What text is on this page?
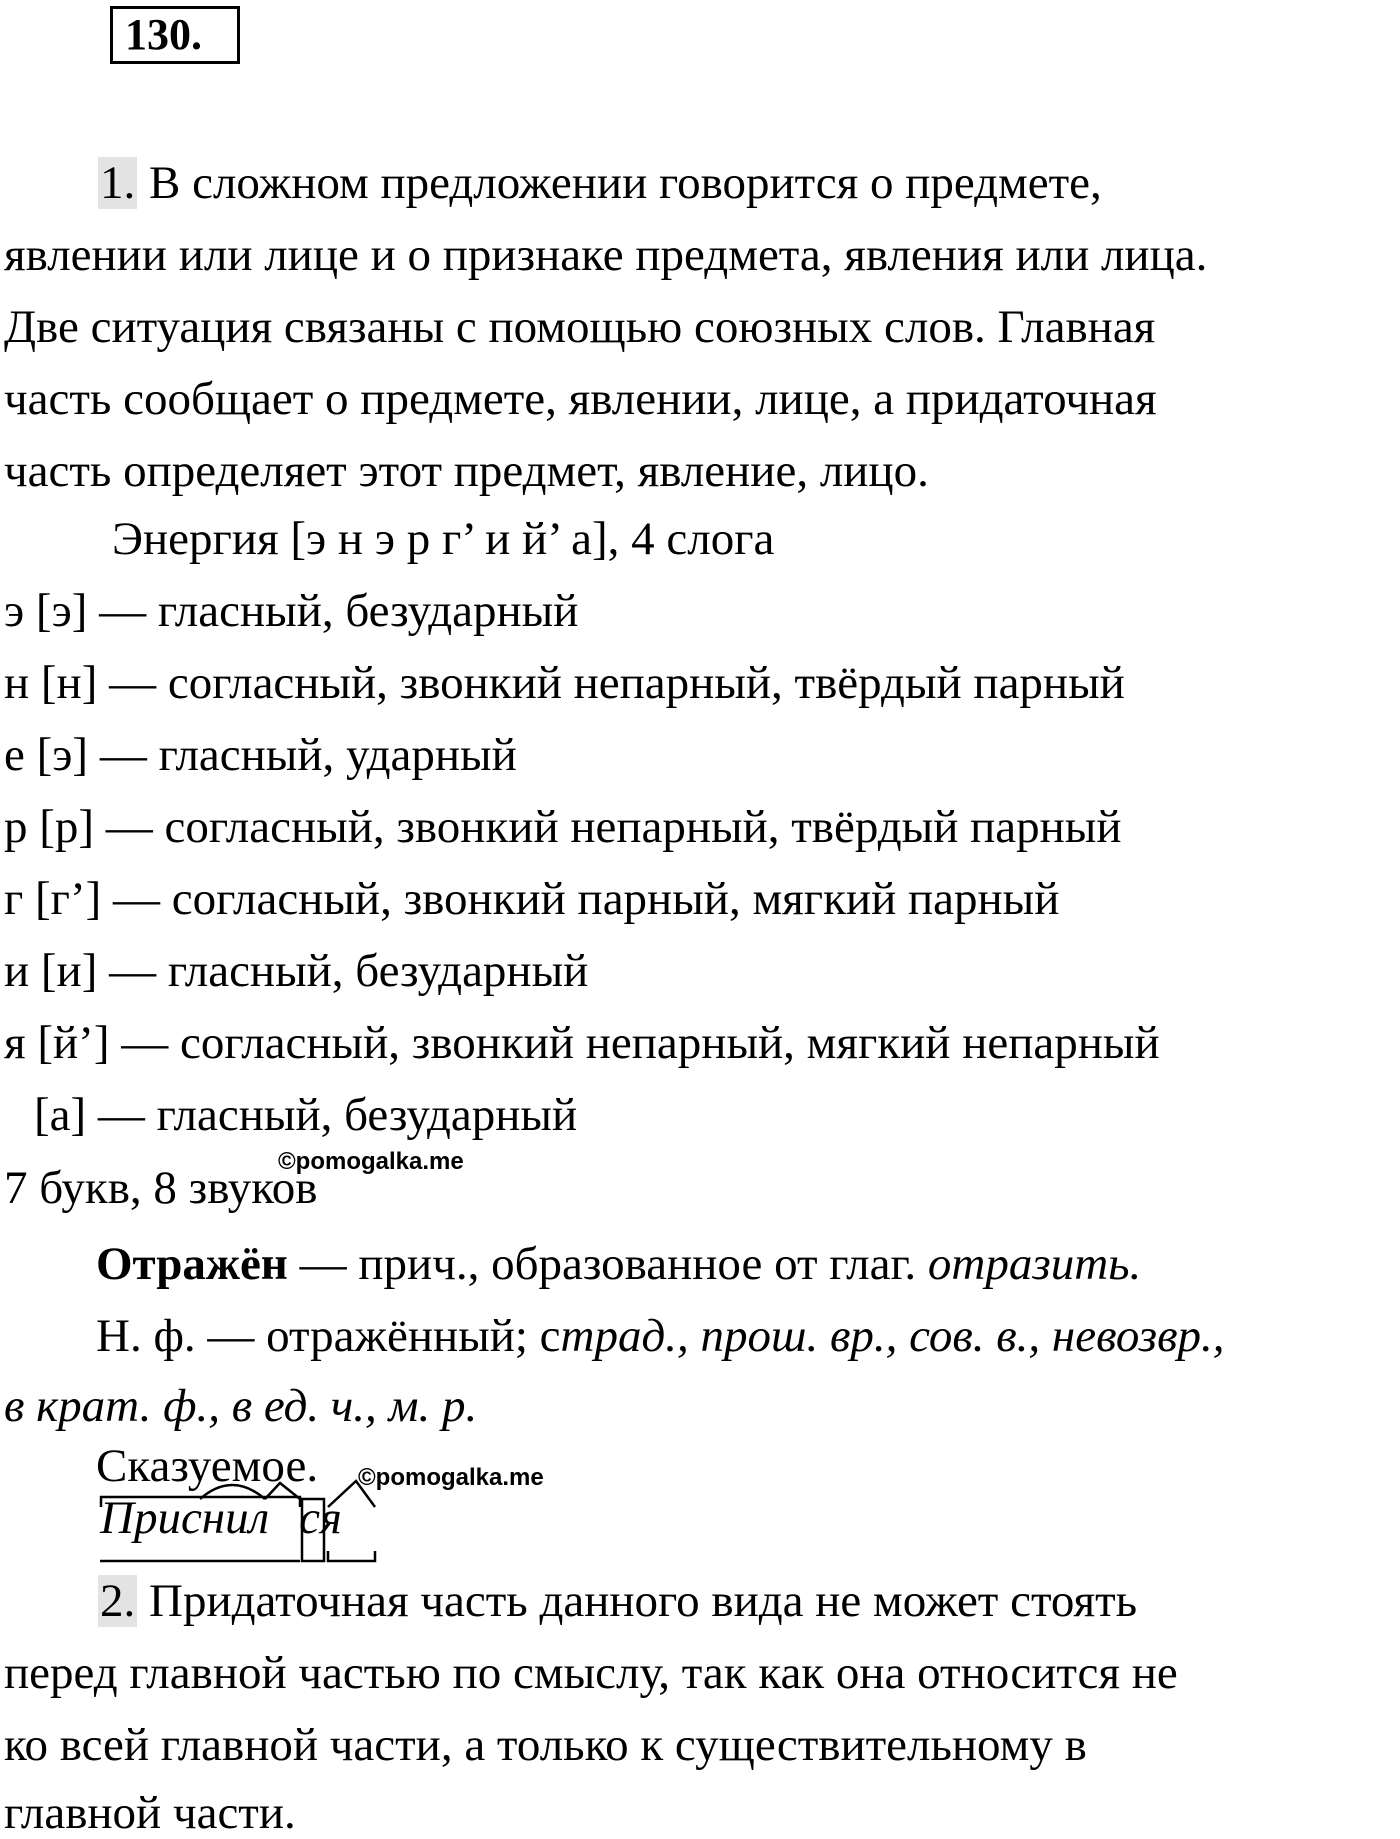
130.
1. В сложном предложении говорится о предмете,
явлении или лице и о признаке предмета, явления или лица.
Две ситуация связаны с помощью союзных слов. Главная
часть сообщает о предмете, явлении, лице, а придаточная
часть определяет этот предмет, явление, лицо.
Энергия [э н э р г’ и й’ а], 4 слога
э [э] — гласный, безударный
н [н] — согласный, звонкий непарный, твёрдый парный
е [э] — гласный, ударный
р [р] — согласный, звонкий непарный, твёрдый парный
г [г’] — согласный, звонкий парный, мягкий парный
и [и] — гласный, безударный
я [й’] — согласный, звонкий непарный, мягкий непарный
[а] — гласный, безударный
©pomogalka.me
7 букв, 8 звуков
Отражён — прич., образованное от глаг. отразить.
Н. ф. — отражённый; страд., прош. вр., сов. в., невозвр.,
в крат. ф., в ед. ч., м. р.
Сказуемое. ©pomogalka.me
Приснил ся
2. Придаточная часть данного вида не может стоять
перед главной частью по смыслу, так как она относится не
ко всей главной части, а только к существительному в
главной части.
